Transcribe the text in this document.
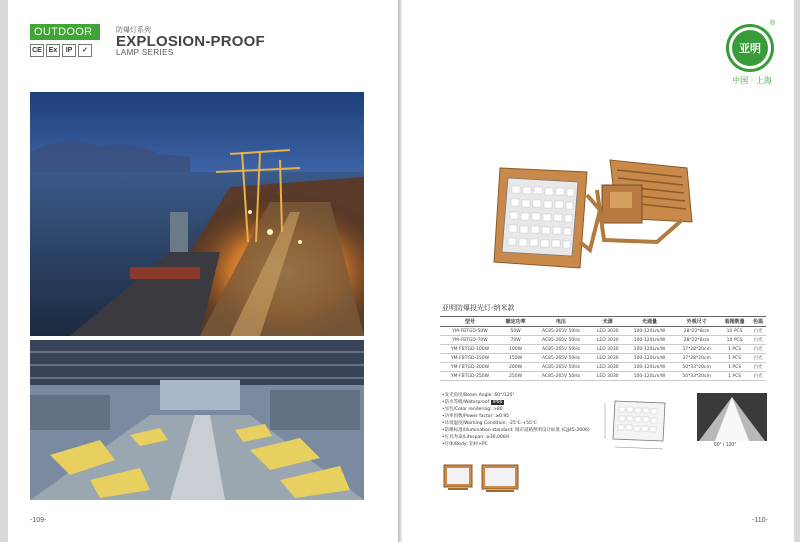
OUTDOOR
CE Ex	IP	✓
防爆灯系列
EXPLOSION-PROOF
LAMP SERIES
-109-
亚明
®
中国 · 上海
亚明防爆投光灯-纳米款
型号	额定功率	电压	光源	光通量	外观尺寸	装箱数量	色温
YM-FBTGD-50W	50W	AC85-265V 50Hz	LED 3030	100-120Lm/W	28*22*8cm	10 PCS	白光
YM-FBTGD-70W	70W	AC85-265V 50Hz	LED 3030	100-120Lm/W	28*22*8cm	10 PCS	白光
YM-FBTGD-100W	100W	AC85-265V 50Hz	LED 3030	100-120Lm/W	37*28*20cm	1 PCS	白光
YM-FBTGD-150W	150W	AC85-265V 50Hz	LED 3030	100-120Lm/W	37*28*20cm	1 PCS	白光
YM-FBTGD-200W	200W	AC85-265V 50Hz	LED 3030	100-120Lm/W	50*33*20cm	1 PCS	白光
YM-FBTGD-250W	250W	AC85-265V 50Hz	LED 3030	100-120Lm/W	50*33*20cm	1 PCS	白光
•发光角度/Beam Angle: 60°/120°
•防水等级/Waterproof IP66
•显色/Color rendering: >80
•功率因数/Power factor: ≥0.95
•环境温度/Working Condition: -25℃-+55℃
•防爆标准/Illumination standard: 城市道路照明设计标准 (CJJ45-2006)
•灯具寿命/Lifespan: ≥30,000H
•灯体/Body: 铝材+PC	60° / 120°
-110-
